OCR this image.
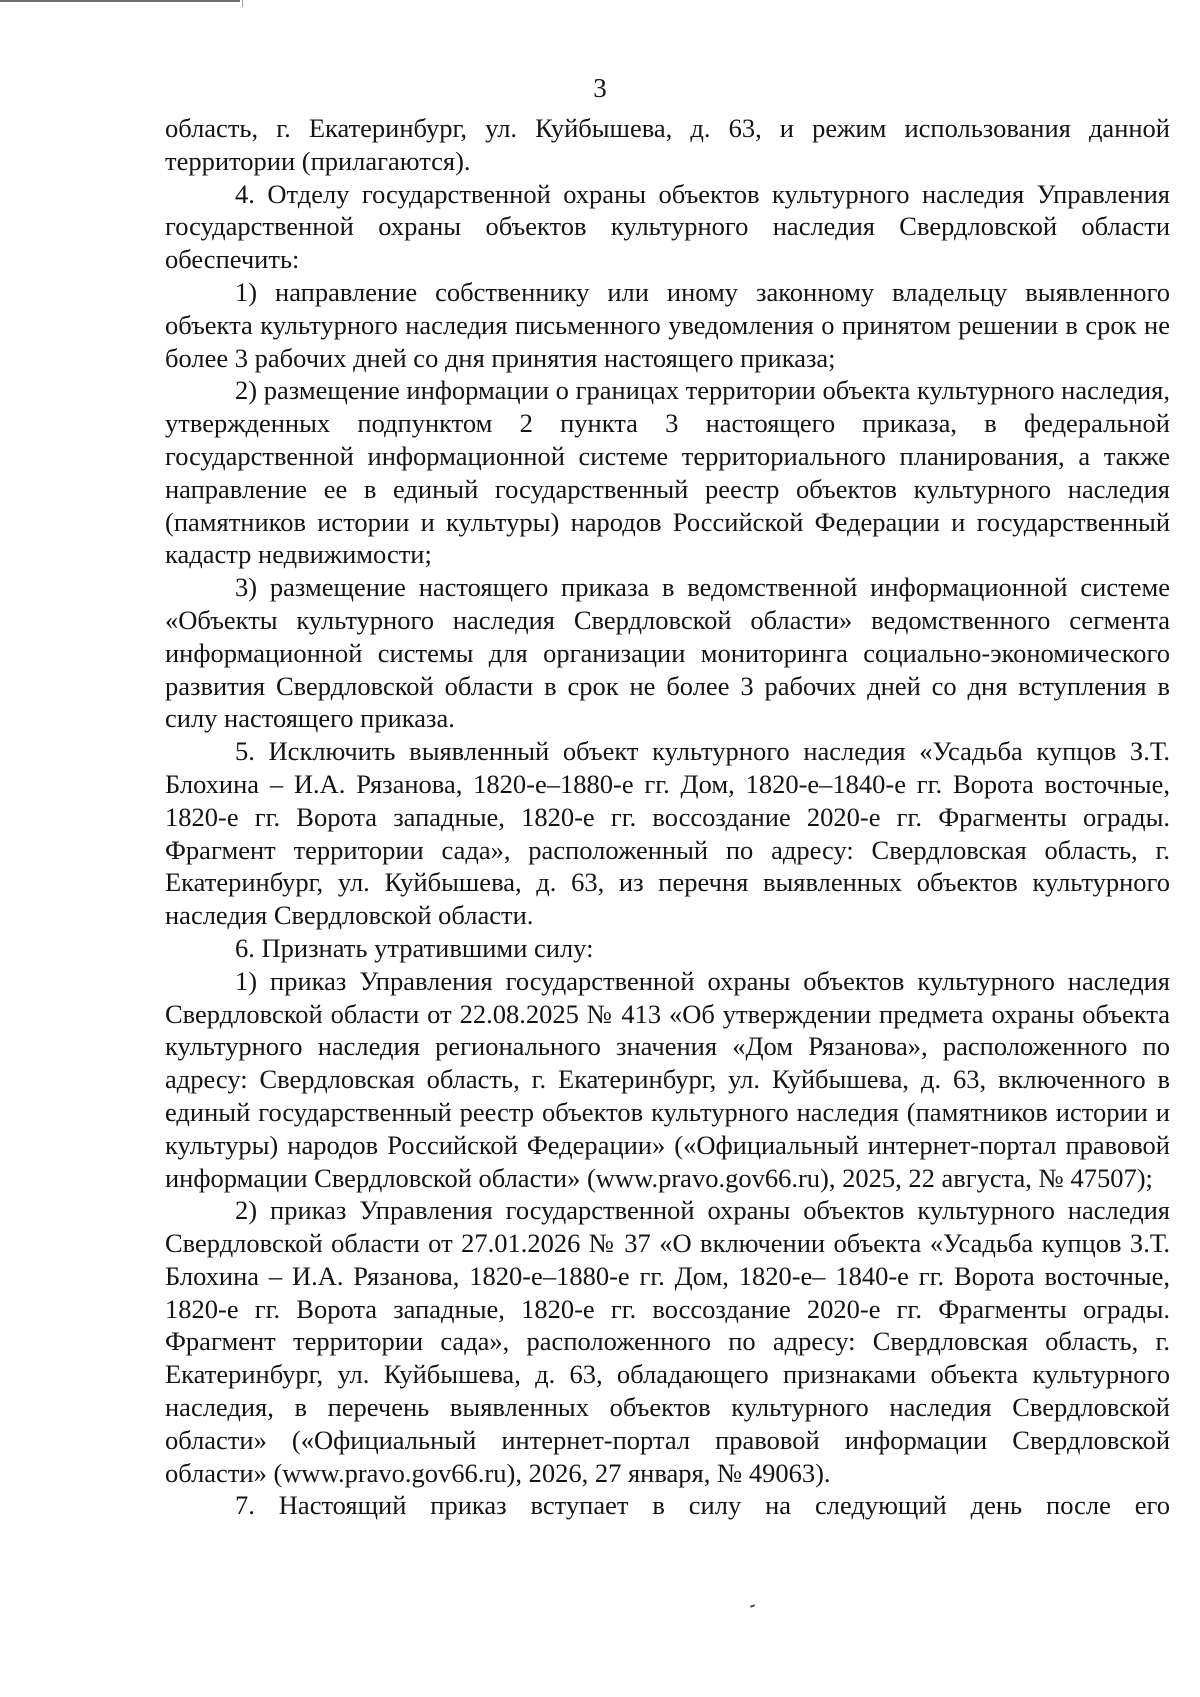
3

область, г. Екатеринбург, ул. Куйбышева, д. 63, и режим использования данной территории (прилагаются).

4. Отделу государственной охраны объектов культурного наследия Управления государственной охраны объектов культурного наследия Свердловской области обеспечить:

1) направление собственнику или иному законному владельцу выявленного объекта культурного наследия письменного уведомления о принятом решении в срок не более 3 рабочих дней со дня принятия настоящего приказа;

2) размещение информации о границах территории объекта культурного наследия, утвержденных подпунктом 2 пункта 3 настоящего приказа, в федеральной государственной информационной системе территориального планирования, а также направление ее в единый государственный реестр объектов культурного наследия (памятников истории и культуры) народов Российской Федерации и государственный кадастр недвижимости;

3) размещение настоящего приказа в ведомственной информационной системе «Объекты культурного наследия Свердловской области» ведомственного сегмента информационной системы для организации мониторинга социально-экономического развития Свердловской области в срок не более 3 рабочих дней со дня вступления в силу настоящего приказа.

5. Исключить выявленный объект культурного наследия «Усадьба купцов З.Т. Блохина – И.А. Рязанова, 1820-е–1880-е гг. Дом, 1820-е–1840-е гг. Ворота восточные, 1820-е гг. Ворота западные, 1820-е гг. воссоздание 2020-е гг. Фрагменты ограды. Фрагмент территории сада», расположенный по адресу: Свердловская область, г. Екатеринбург, ул. Куйбышева, д. 63, из перечня выявленных объектов культурного наследия Свердловской области.

6. Признать утратившими силу:

1) приказ Управления государственной охраны объектов культурного наследия Свердловской области от 22.08.2025 № 413 «Об утверждении предмета охраны объекта культурного наследия регионального значения «Дом Рязанова», расположенного по адресу: Свердловская область, г. Екатеринбург, ул. Куйбышева, д. 63, включенного в единый государственный реестр объектов культурного наследия (памятников истории и культуры) народов Российской Федерации» («Официальный интернет-портал правовой информации Свердловской области» (www.pravo.gov66.ru), 2025, 22 августа, № 47507);

2) приказ Управления государственной охраны объектов культурного наследия Свердловской области от 27.01.2026 № 37 «О включении объекта «Усадьба купцов З.Т. Блохина – И.А. Рязанова, 1820-е–1880-е гг. Дом, 1820-е– 1840-е гг. Ворота восточные, 1820-е гг. Ворота западные, 1820-е гг. воссоздание 2020-е гг. Фрагменты ограды. Фрагмент территории сада», расположенного по адресу: Свердловская область, г. Екатеринбург, ул. Куйбышева, д. 63, обладающего признаками объекта культурного наследия, в перечень выявленных объектов культурного наследия Свердловской области» («Официальный интернет-портал правовой информации Свердловской области» (www.pravo.gov66.ru), 2026, 27 января, № 49063).

7. Настоящий приказ вступает в силу на следующий день после его
